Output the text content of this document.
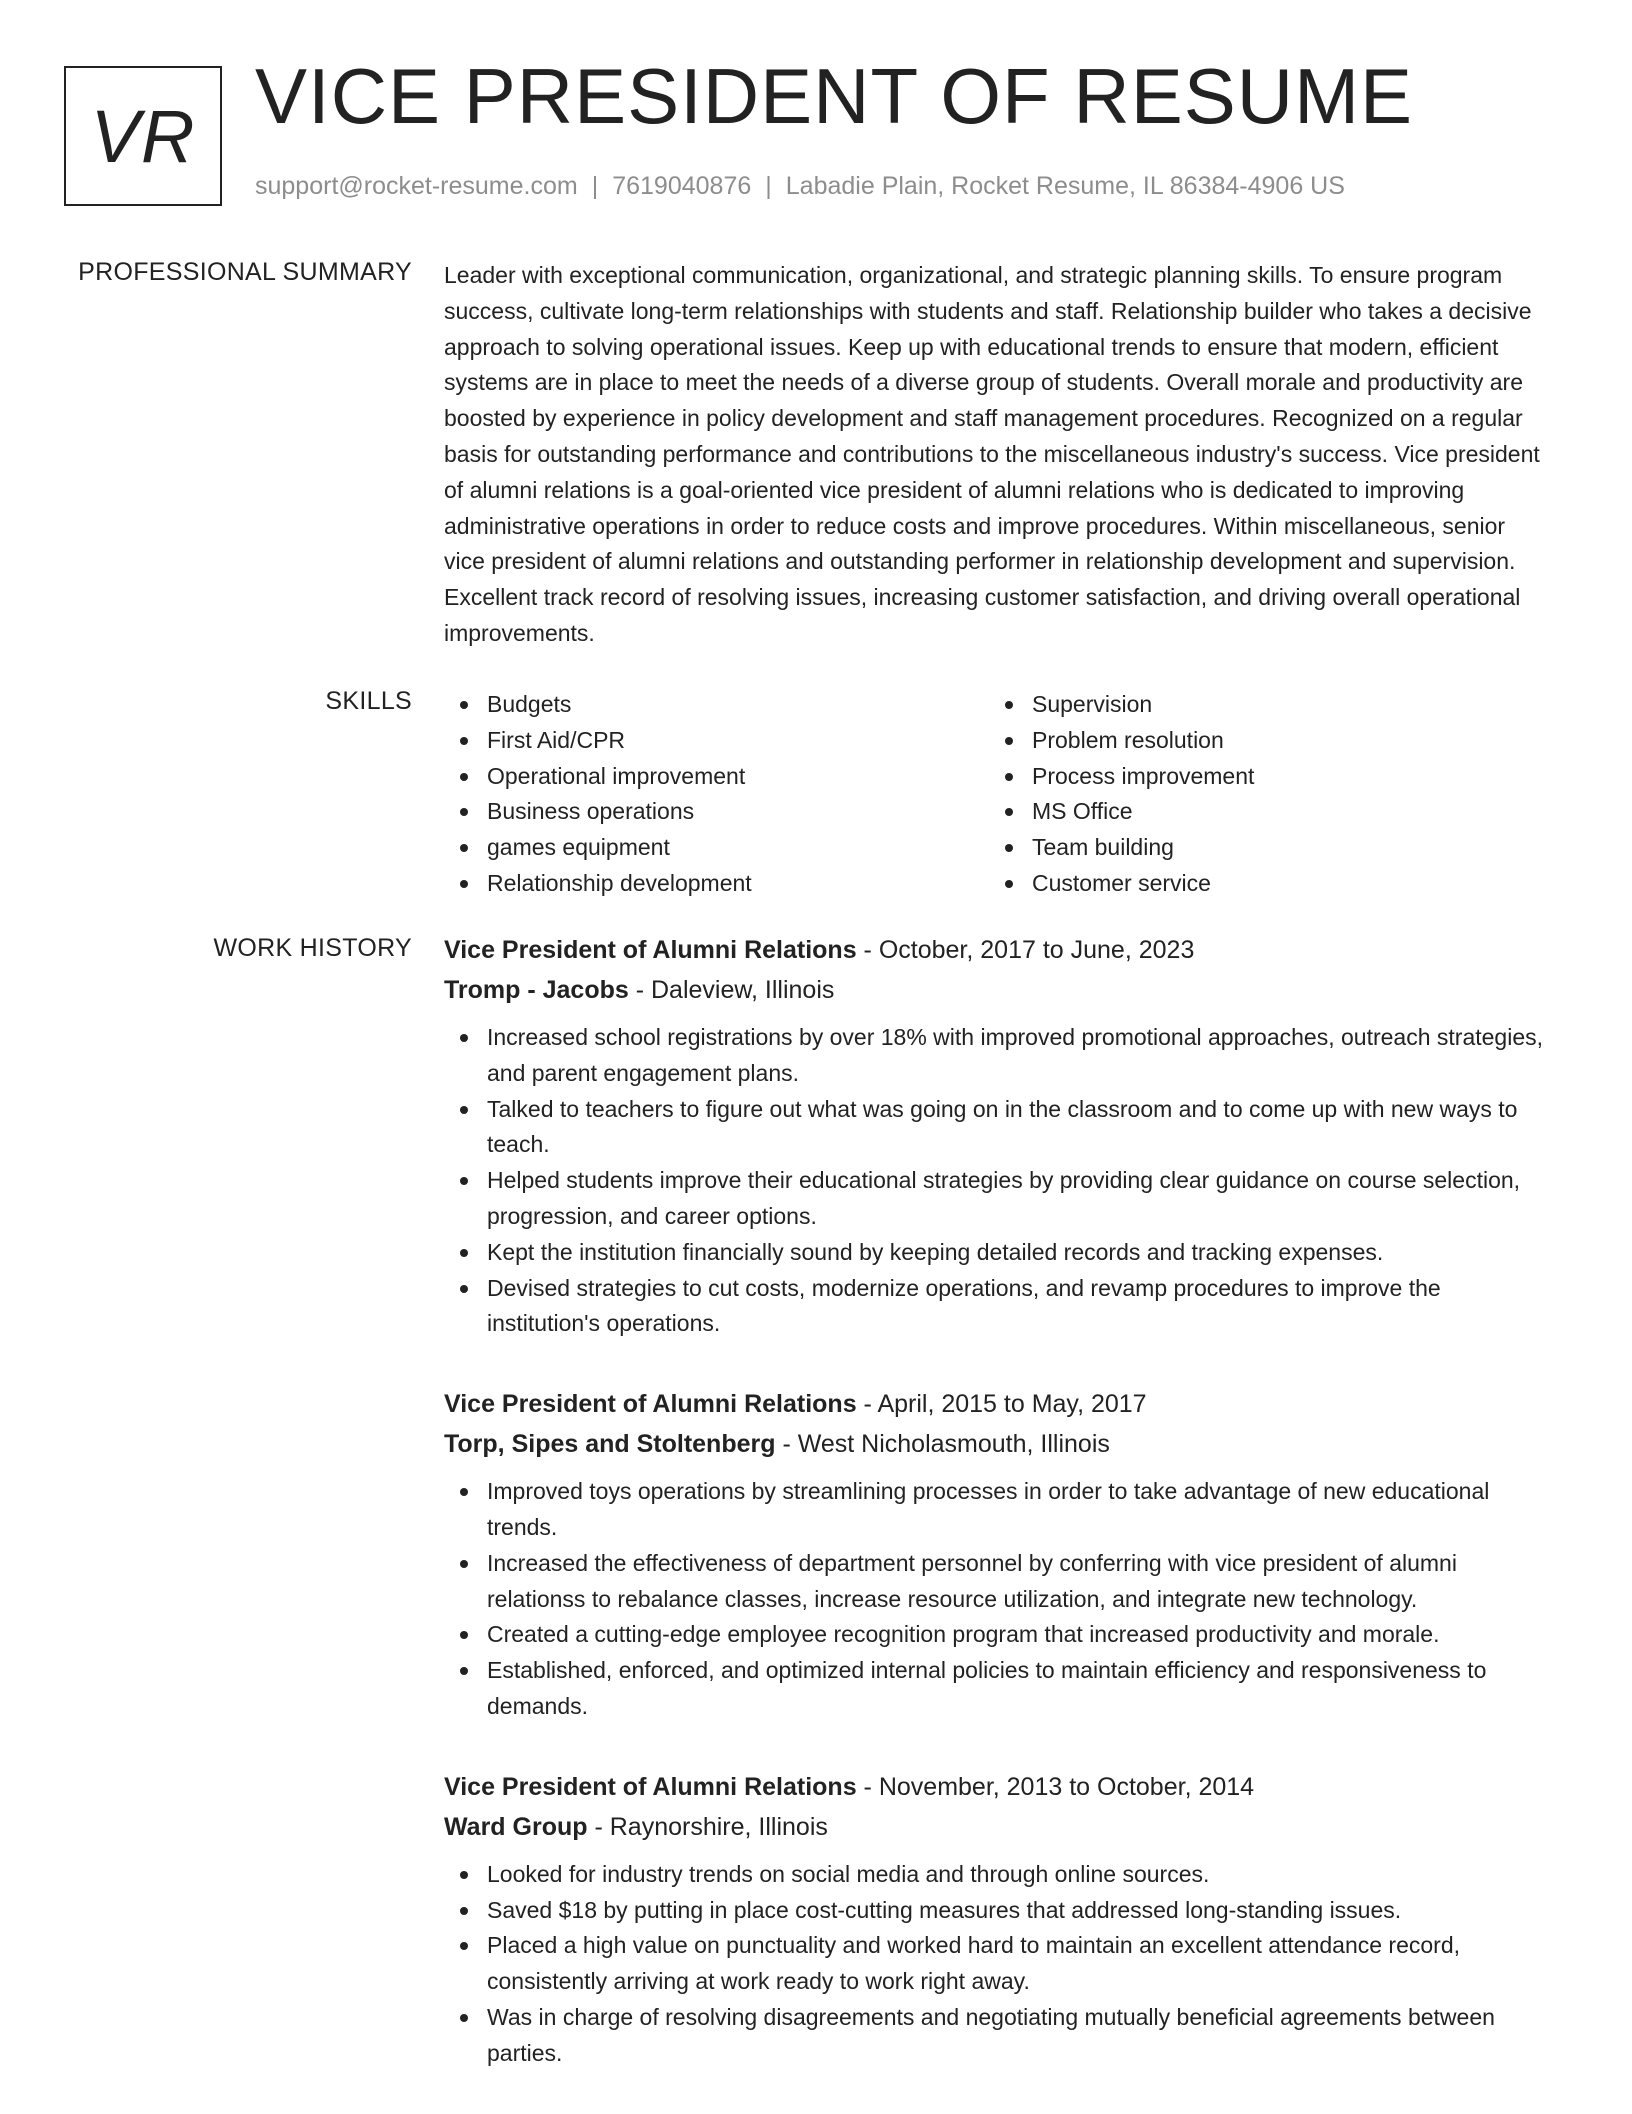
VR VICE PRESIDENT OF RESUME
support@rocket-resume.com | 7619040876 | Labadie Plain, Rocket Resume, IL 86384-4906 US
PROFESSIONAL SUMMARY Leader with exceptional communication, organizational, and strategic planning skills. To ensure program success, cultivate long-term relationships with students and staff. Relationship builder who takes a decisive approach to solving operational issues. Keep up with educational trends to ensure that modern, efficient systems are in place to meet the needs of a diverse group of students. Overall morale and productivity are boosted by experience in policy development and staff management procedures. Recognized on a regular basis for outstanding performance and contributions to the miscellaneous industry's success. Vice president of alumni relations is a goal-oriented vice president of alumni relations who is dedicated to improving administrative operations in order to reduce costs and improve procedures. Within miscellaneous, senior vice president of alumni relations and outstanding performer in relationship development and supervision. Excellent track record of resolving issues, increasing customer satisfaction, and driving overall operational improvements.

SKILLS	Budgets
First Aid/CPR
Operational improvement
Business operations
games equipment
Relationship development
Supervision
Problem resolution
Process improvement
MS Office
Team building
Customer service
WORK HISTORY Vice President of Alumni Relations - October, 2017 to June, 2023
Tromp - Jacobs - Daleview, Illinois
Increased school registrations by over 18% with improved promotional approaches, outreach strategies, and parent engagement plans.
Talked to teachers to figure out what was going on in the classroom and to come up with new ways to teach.
Helped students improve their educational strategies by providing clear guidance on course selection, progression, and career options.
Kept the institution financially sound by keeping detailed records and tracking expenses.
Devised strategies to cut costs, modernize operations, and revamp procedures to improve the institution's operations.
Vice President of Alumni Relations - April, 2015 to May, 2017
Torp, Sipes and Stoltenberg - West Nicholasmouth, Illinois
Improved toys operations by streamlining processes in order to take advantage of new educational trends.
Increased the effectiveness of department personnel by conferring with vice president of alumni relationss to rebalance classes, increase resource utilization, and integrate new technology.
Created a cutting-edge employee recognition program that increased productivity and morale.
Established, enforced, and optimized internal policies to maintain efficiency and responsiveness to demands.
Vice President of Alumni Relations - November, 2013 to October, 2014
Ward Group - Raynorshire, Illinois
Looked for industry trends on social media and through online sources.
Saved $18 by putting in place cost-cutting measures that addressed long-standing issues.
Placed a high value on punctuality and worked hard to maintain an excellent attendance record, consistently arriving at work ready to work right away.
Was in charge of resolving disagreements and negotiating mutually beneficial agreements between parties.
